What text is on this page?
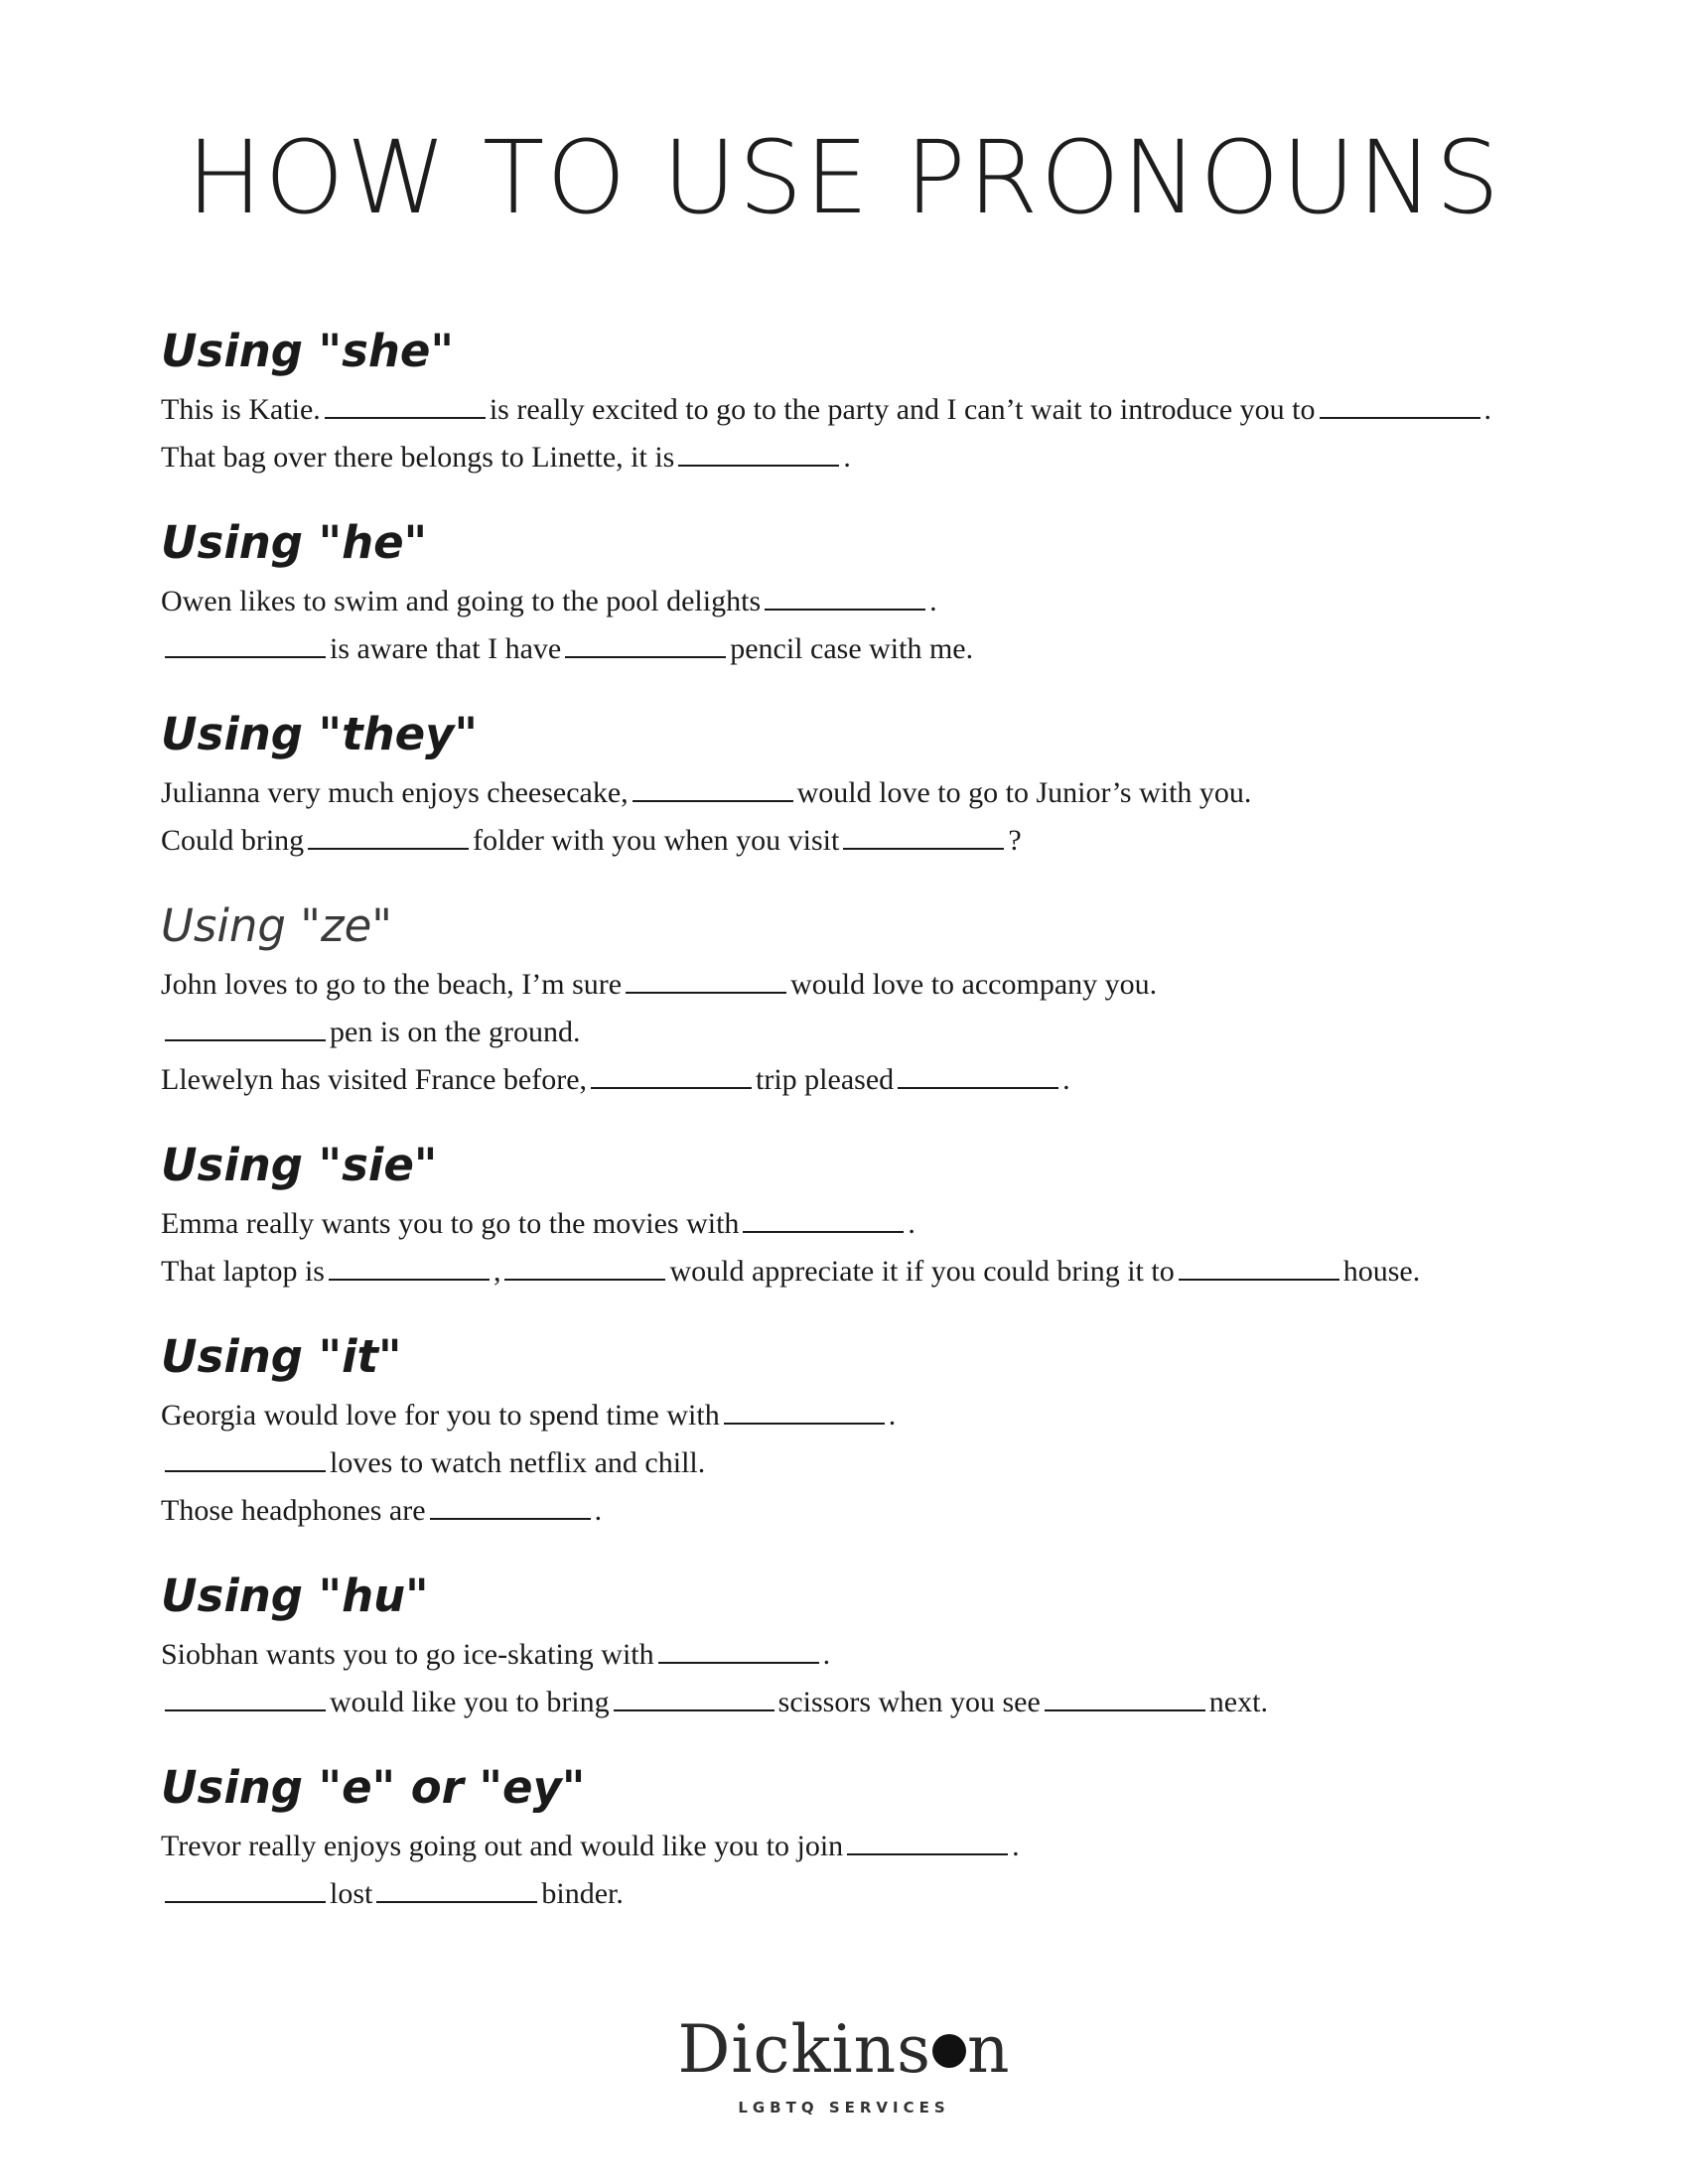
HOW TO USE PRONOUNS
Using "she"
This is Katie.	is really excited to go to the party and I can’t wait to introduce you to	.
That bag over there belongs to Linette, it is	.
Using "he"
Owen likes to swim and going to the pool delights	.
is aware that I have	pencil case with me.
Using "they"
Julianna very much enjoys cheesecake,	would love to go to Junior’s with you.
Could bring	folder with you when you visit	?
Using "ze"
John loves to go to the beach, I’m sure	would love to accompany you.
pen is on the ground.
Llewelyn has visited France before,	trip pleased	.
Using "sie"
Emma really wants you to go to the movies with	.
That laptop is	,	would appreciate it if you could bring it to	house.
Using "it"
Georgia would love for you to spend time with	.
loves to watch netflix and chill.
Those headphones are	.
Using "hu"
Siobhan wants you to go ice-skating with	.
would like you to bring	scissors when you see	next.
Using "e" or "ey"
Trevor really enjoys going out and would like you to join	.
lost	binder.
Dickins n
LGBTQ SERVICES
